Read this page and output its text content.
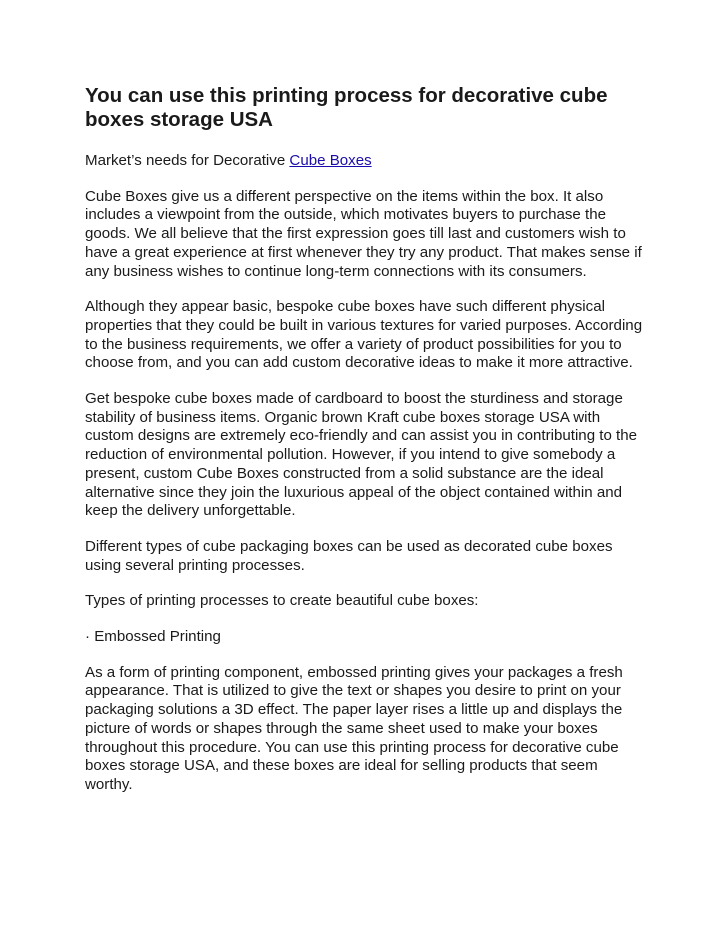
You can use this printing process for decorative cube boxes storage USA

Market’s needs for Decorative Cube Boxes

Cube Boxes give us a different perspective on the items within the box. It also includes a viewpoint from the outside, which motivates buyers to purchase the goods. We all believe that the first expression goes till last and customers wish to have a great experience at first whenever they try any product. That makes sense if any business wishes to continue long-term connections with its consumers.

Although they appear basic, bespoke cube boxes have such different physical properties that they could be built in various textures for varied purposes. According to the business requirements, we offer a variety of product possibilities for you to choose from, and you can add custom decorative ideas to make it more attractive.

Get bespoke cube boxes made of cardboard to boost the sturdiness and storage stability of business items. Organic brown Kraft cube boxes storage USA with custom designs are extremely eco-friendly and can assist you in contributing to the reduction of environmental pollution. However, if you intend to give somebody a present, custom Cube Boxes constructed from a solid substance are the ideal alternative since they join the luxurious appeal of the object contained within and keep the delivery unforgettable.

Different types of cube packaging boxes can be used as decorated cube boxes using several printing processes.

Types of printing processes to create beautiful cube boxes:

· Embossed Printing

As a form of printing component, embossed printing gives your packages a fresh appearance. That is utilized to give the text or shapes you desire to print on your packaging solutions a 3D effect. The paper layer rises a little up and displays the picture of words or shapes through the same sheet used to make your boxes throughout this procedure. You can use this printing process for decorative cube boxes storage USA, and these boxes are ideal for selling products that seem worthy.
